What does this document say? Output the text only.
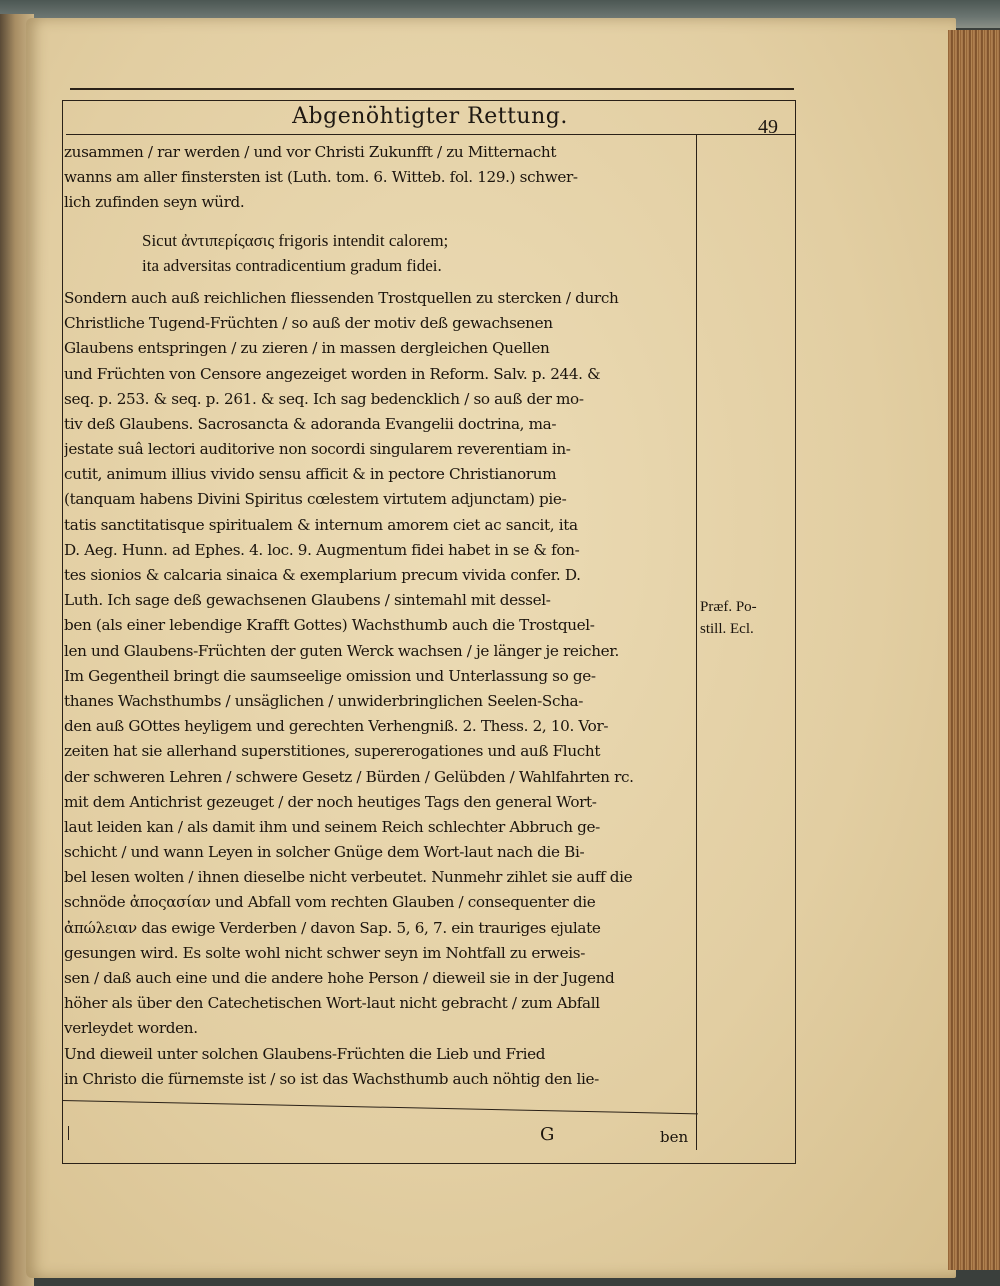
Abgenöhtigter Rettung.	49
zusammen / rar werden / und vor Christi Zukunfft / zu Mitternacht
wanns am aller finstersten ist (Luth. tom. 6. Witteb. fol. 129.) schwer-
lich zufinden seyn würd.
Sicut ἀντιπερίςασις frigoris intendit calorem;
ita adversitas contradicentium gradum fidei.
Sondern auch auß reichlichen fliessenden Trostquellen zu stercken / durch
Christliche Tugend-Früchten / so auß der motiv deß gewachsenen
Glaubens entspringen / zu zieren / in massen dergleichen Quellen
und Früchten von Censore angezeiget worden in Reform. Salv. p. 244. &
seq. p. 253. & seq. p. 261. & seq. Ich sag bedencklich / so auß der mo-
tiv deß Glaubens. Sacrosancta & adoranda Evangelii doctrina, ma-
jestate suâ lectori auditorive non socordi singularem reverentiam in-
cutit, animum illius vivido sensu afficit & in pectore Christianorum
(tanquam habens Divini Spiritus cœlestem virtutem adjunctam) pie-
tatis sanctitatisque spiritualem & internum amorem ciet ac sancit, ita
D. Aeg. Hunn. ad Ephes. 4. loc. 9. Augmentum fidei habet in se & fon-
tes sionios & calcaria sinaica & exemplarium precum vivida confer. D.
Luth. Ich sage deß gewachsenen Glaubens / sintemahl mit dessel-
ben (als einer lebendige Krafft Gottes) Wachsthumb auch die Trostquel-
len und Glaubens-Früchten der guten Werck wachsen / je länger je reicher.
Im Gegentheil bringt die saumseelige omission und Unterlassung so ge-
thanes Wachsthumbs / unsäglichen / unwiderbringlichen Seelen-Scha-
den auß GOttes heyligem und gerechten Verhengniß. 2. Thess. 2, 10. Vor-
zeiten hat sie allerhand superstitiones, supererogationes und auß Flucht
der schweren Lehren / schwere Gesetz / Bürden / Gelübden / Wahlfahrten rc.
mit dem Antichrist gezeuget / der noch heutiges Tags den general Wort-
laut leiden kan / als damit ihm und seinem Reich schlechter Abbruch ge-
schicht / und wann Leyen in solcher Gnüge dem Wort-laut nach die Bi-
bel lesen wolten / ihnen dieselbe nicht verbeutet. Nunmehr zihlet sie auff die
schnöde ἀποςασίαν und Abfall vom rechten Glauben / consequenter die
ἀπώλειαν das ewige Verderben / davon Sap. 5, 6, 7. ein trauriges ejulate
gesungen wird. Es solte wohl nicht schwer seyn im Nohtfall zu erweis-
sen / daß auch eine und die andere hohe Person / dieweil sie in der Jugend
höher als über den Catechetischen Wort-laut nicht gebracht / zum Abfall
verleydet worden.
Und dieweil unter solchen Glaubens-Früchten die Lieb und Fried
in Christo die fürnemste ist / so ist das Wachsthumb auch nöhtig den lie-
Præf. Po-
still. Ecl.
G	ben
